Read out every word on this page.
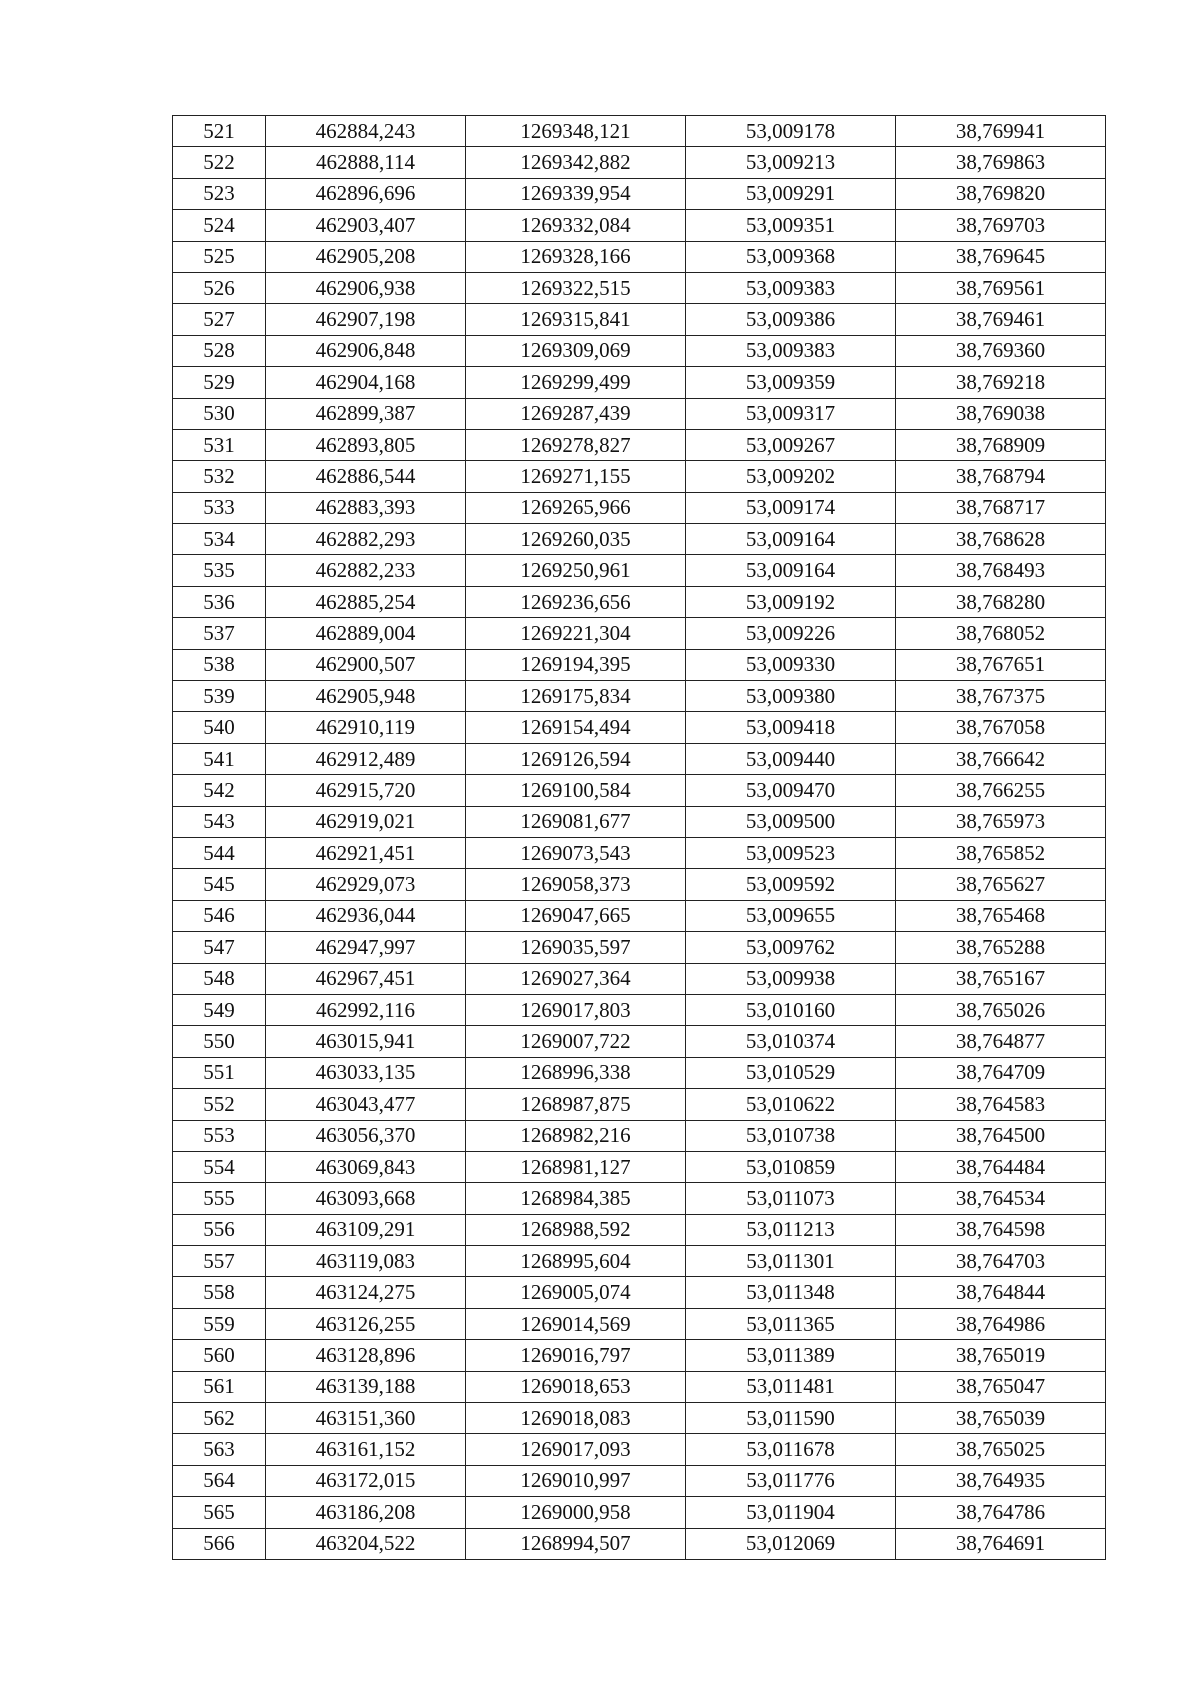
521	462884,243	1269348,121	53,009178	38,769941
522	462888,114	1269342,882	53,009213	38,769863
523	462896,696	1269339,954	53,009291	38,769820
524	462903,407	1269332,084	53,009351	38,769703
525	462905,208	1269328,166	53,009368	38,769645
526	462906,938	1269322,515	53,009383	38,769561
527	462907,198	1269315,841	53,009386	38,769461
528	462906,848	1269309,069	53,009383	38,769360
529	462904,168	1269299,499	53,009359	38,769218
530	462899,387	1269287,439	53,009317	38,769038
531	462893,805	1269278,827	53,009267	38,768909
532	462886,544	1269271,155	53,009202	38,768794
533	462883,393	1269265,966	53,009174	38,768717
534	462882,293	1269260,035	53,009164	38,768628
535	462882,233	1269250,961	53,009164	38,768493
536	462885,254	1269236,656	53,009192	38,768280
537	462889,004	1269221,304	53,009226	38,768052
538	462900,507	1269194,395	53,009330	38,767651
539	462905,948	1269175,834	53,009380	38,767375
540	462910,119	1269154,494	53,009418	38,767058
541	462912,489	1269126,594	53,009440	38,766642
542	462915,720	1269100,584	53,009470	38,766255
543	462919,021	1269081,677	53,009500	38,765973
544	462921,451	1269073,543	53,009523	38,765852
545	462929,073	1269058,373	53,009592	38,765627
546	462936,044	1269047,665	53,009655	38,765468
547	462947,997	1269035,597	53,009762	38,765288
548	462967,451	1269027,364	53,009938	38,765167
549	462992,116	1269017,803	53,010160	38,765026
550	463015,941	1269007,722	53,010374	38,764877
551	463033,135	1268996,338	53,010529	38,764709
552	463043,477	1268987,875	53,010622	38,764583
553	463056,370	1268982,216	53,010738	38,764500
554	463069,843	1268981,127	53,010859	38,764484
555	463093,668	1268984,385	53,011073	38,764534
556	463109,291	1268988,592	53,011213	38,764598
557	463119,083	1268995,604	53,011301	38,764703
558	463124,275	1269005,074	53,011348	38,764844
559	463126,255	1269014,569	53,011365	38,764986
560	463128,896	1269016,797	53,011389	38,765019
561	463139,188	1269018,653	53,011481	38,765047
562	463151,360	1269018,083	53,011590	38,765039
563	463161,152	1269017,093	53,011678	38,765025
564	463172,015	1269010,997	53,011776	38,764935
565	463186,208	1269000,958	53,011904	38,764786
566	463204,522	1268994,507	53,012069	38,764691
